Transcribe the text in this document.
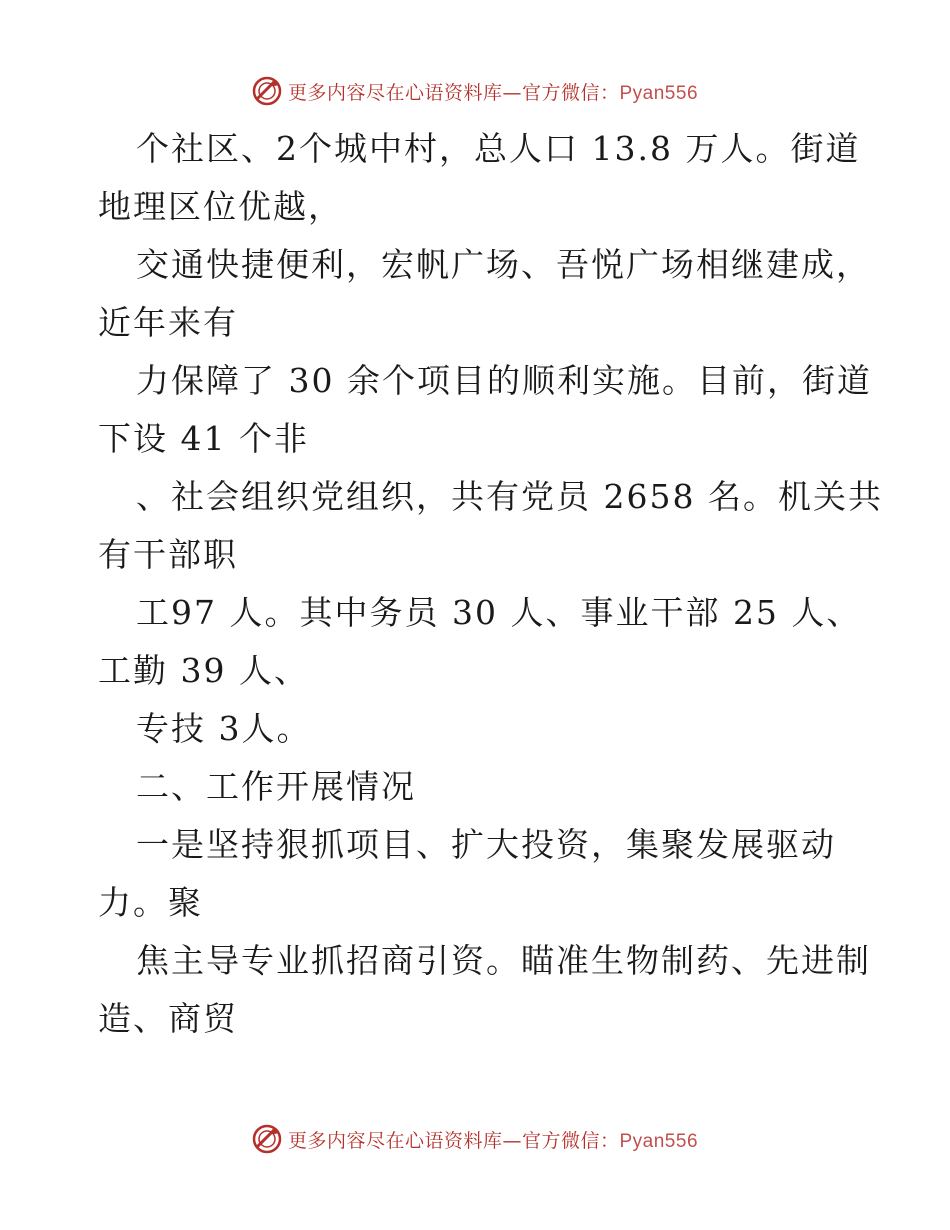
更多内容尽在心语资料库—官方微信：Pyan556

个社区、2个城中村，总人口 13.8 万人。街道

地理区位优越，

交通快捷便利，宏帆广场、吾悦广场相继建成，

近年来有

力保障了 30 余个项目的顺利实施。目前，街道

下设 41 个非

、社会组织党组织，共有党员 2658 名。机关共

有干部职

工97 人。其中务员 30 人、事业干部 25 人、

工勤 39 人、

专技 3人。

二、工作开展情况

一是坚持狠抓项目、扩大投资，集聚发展驱动

力。聚

焦主导专业抓招商引资。瞄准生物制药、先进制

造、商贸

更多内容尽在心语资料库—官方微信：Pyan556
